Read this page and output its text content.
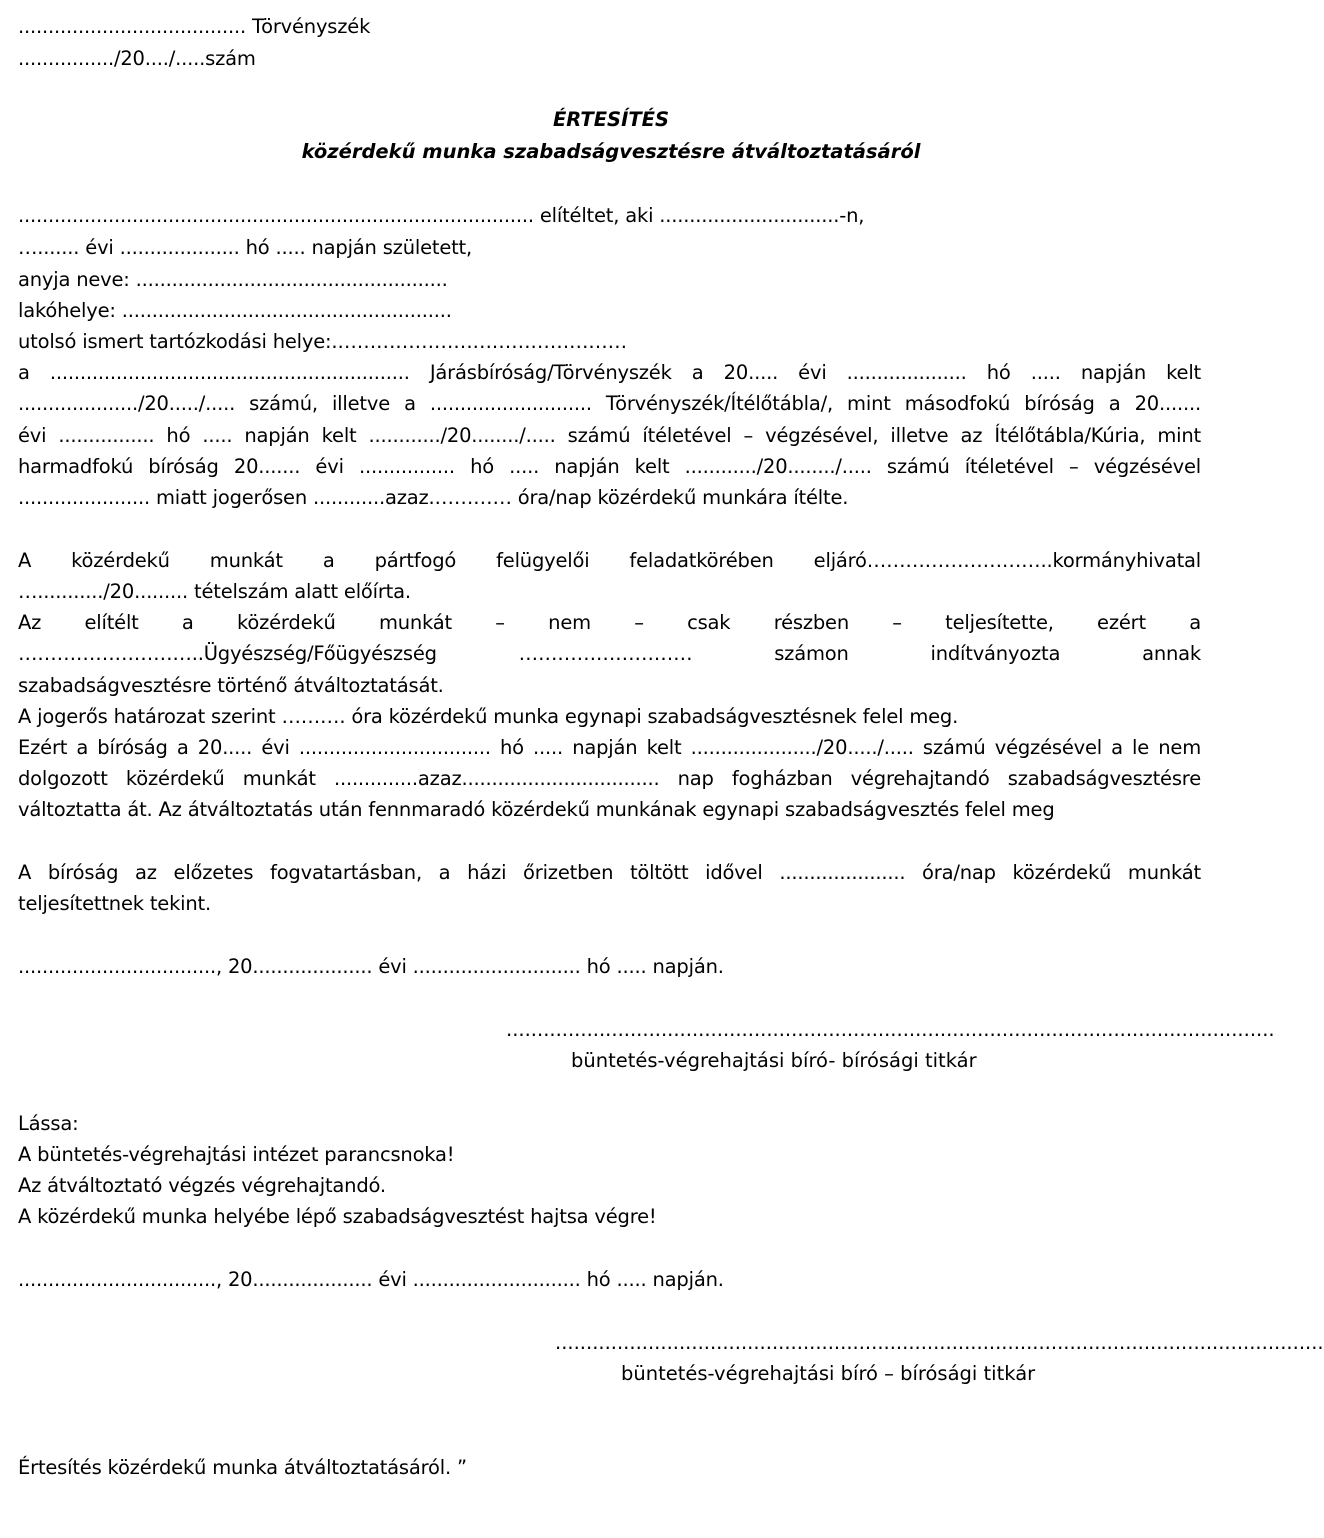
...................................... Törvényszék

................/20..../.....szám

ÉRTESÍTÉS

közérdekű munka szabadságvesztésre átváltoztatásáról

...................................................................................... elítéltet, aki ..............................-n,

…....... évi .................... hó ..... napján született,

anyja neve: ....................................................

lakóhelye: .......................................................

utolsó ismert tartózkodási helye:.………………………………………

a ............................................................ Járásbíróság/Törvényszék a 20..... évi .................... hó ..... napján kelt

..................../20...../..... számú, illetve a ........................... Törvényszék/Ítélőtábla/, mint másodfokú bíróság a 20.......

évi ................ hó ..... napján kelt ............/20......../..... számú ítéletével – végzésével, illetve az Ítélőtábla/Kúria, mint

harmadfokú bíróság 20....... évi ................ hó ..... napján kelt ............/20......../..... számú ítéletével – végzésével

...................... miatt jogerősen ............azaz.………… óra/nap közérdekű munkára ítélte.

A közérdekű munkát a pártfogó felügyelői feladatkörében eljáró………………………..kormányhivatal

….........../20......... tételszám alatt előírta.

Az elítélt a közérdekű munkát – nem – csak részben – teljesítette, ezért a

………………………..Ügyészség/Főügyészség ……………………… számon indítványozta annak

szabadságvesztésre történő átváltoztatását.

A jogerős határozat szerint ………. óra közérdekű munka egynapi szabadságvesztésnek felel meg.

Ezért a bíróság a 20..... évi ................................ hó ..... napján kelt ...................../20...../..... számú végzésével a le nem

dolgozott közérdekű munkát ..............azaz................................. nap fogházban végrehajtandó szabadságvesztésre

változtatta át. Az átváltoztatás után fennmaradó közérdekű munkának egynapi szabadságvesztés felel meg

A bíróság az előzetes fogvatartásban, a házi őrizetben töltött idővel ..................... óra/nap közérdekű munkát

teljesítettnek tekint.

................................., 20.................... évi ............................ hó ..... napján.

............................................................................................................................

büntetés-végrehajtási bíró- bírósági titkár

Lássa:

A büntetés-végrehajtási intézet parancsnoka!

Az átváltoztató végzés végrehajtandó.

A közérdekű munka helyébe lépő szabadságvesztést hajtsa végre!

................................., 20.................... évi ............................ hó ..... napján.

............................................................................................................................

büntetés-végrehajtási bíró – bírósági titkár

Értesítés közérdekű munka átváltoztatásáról. ”
